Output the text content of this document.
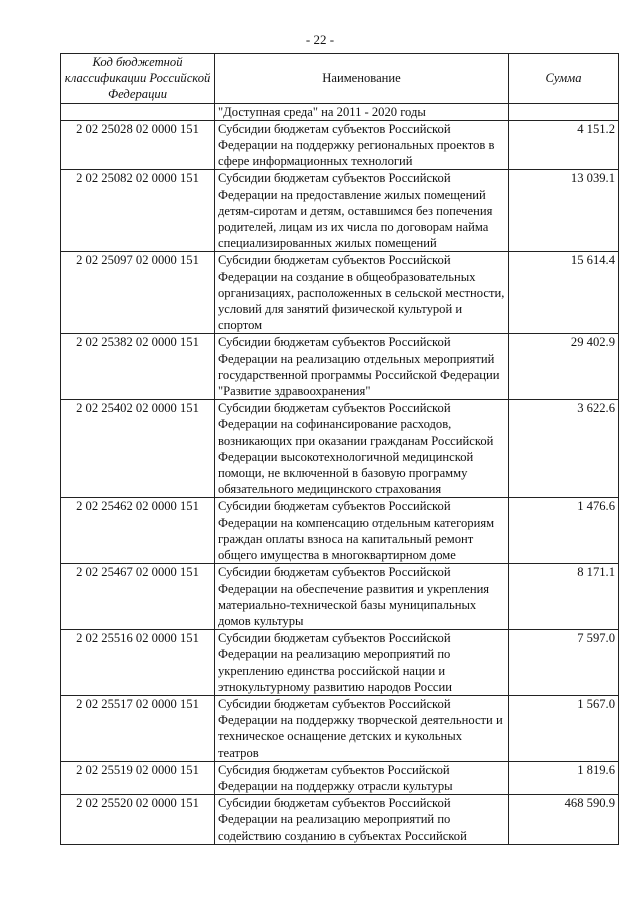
- 22 -
Код бюджетной классификации Российской Федерации	Наименование	Сумма
	"Доступная среда" на 2011 - 2020 годы	
2 02 25028 02 0000 151	Субсидии бюджетам субъектов Российской Федерации на поддержку региональных проектов в сфере информационных технологий	4 151.2
2 02 25082 02 0000 151	Субсидии бюджетам субъектов Российской Федерации на предоставление жилых помещений детям-сиротам и детям, оставшимся без попечения родителей, лицам из их числа по договорам найма специализированных жилых помещений	13 039.1
2 02 25097 02 0000 151	Субсидии бюджетам субъектов Российской Федерации на создание в общеобразовательных организациях, расположенных в сельской местности, условий для занятий физической культурой и спортом	15 614.4
2 02 25382 02 0000 151	Субсидии бюджетам субъектов Российской Федерации на реализацию отдельных мероприятий государственной программы Российской Федерации "Развитие здравоохранения"	29 402.9
2 02 25402 02 0000 151	Субсидии бюджетам субъектов Российской Федерации на софинансирование расходов, возникающих при оказании гражданам Российской Федерации высокотехнологичной медицинской помощи, не включенной в базовую программу обязательного медицинского страхования	3 622.6
2 02 25462 02 0000 151	Субсидии бюджетам субъектов Российской Федерации на компенсацию отдельным категориям граждан оплаты взноса на капитальный ремонт общего имущества в многоквартирном доме	1 476.6
2 02 25467 02 0000 151	Субсидии бюджетам субъектов Российской Федерации на обеспечение развития и укрепления материально-технической базы муниципальных домов культуры	8 171.1
2 02 25516 02 0000 151	Субсидии бюджетам субъектов Российской Федерации на реализацию мероприятий по укреплению единства российской нации и этнокультурному развитию народов России	7 597.0
2 02 25517 02 0000 151	Субсидии бюджетам субъектов Российской Федерации на поддержку творческой деятельности и техническое оснащение детских и кукольных театров	1 567.0
2 02 25519 02 0000 151	Субсидия бюджетам субъектов Российской Федерации на поддержку отрасли культуры	1 819.6
2 02 25520 02 0000 151	Субсидии бюджетам субъектов Российской Федерации на реализацию мероприятий по содействию созданию в субъектах Российской	468 590.9
